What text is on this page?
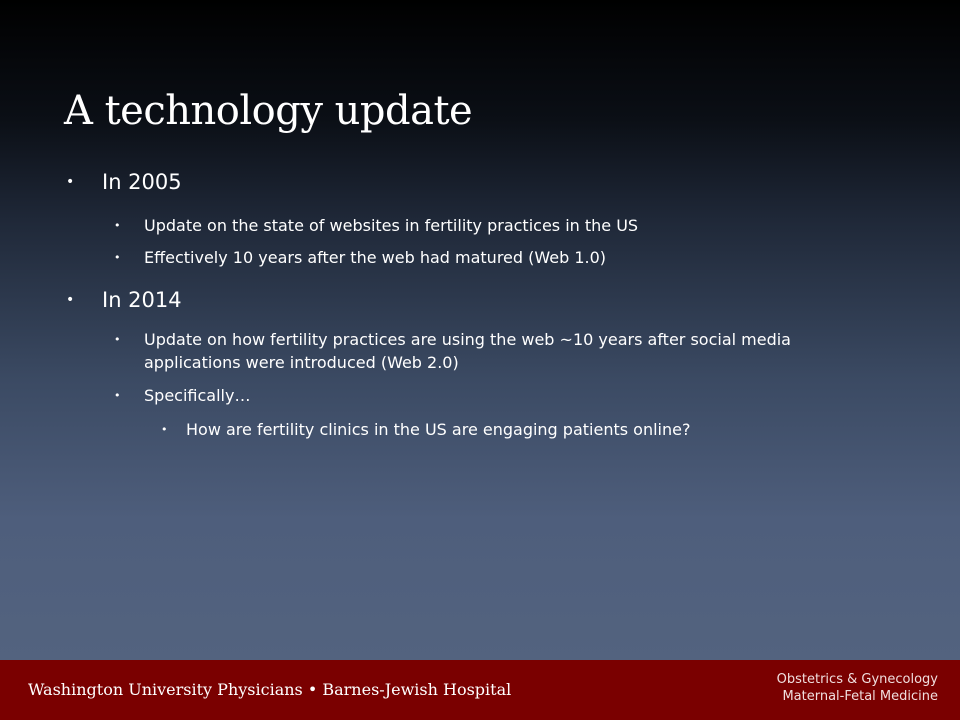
A technology update
• In 2005
• Update on the state of websites in fertility practices in the US
• Effectively 10 years after the web had matured (Web 1.0)
• In 2014
• Update on how fertility practices are using the web ~10 years after social media applications were introduced (Web 2.0)
• Specifically…
• How are fertility clinics in the US are engaging patients online?
Washington University Physicians • Barnes-Jewish Hospital
Obstetrics & Gynecology
Maternal-Fetal Medicine
